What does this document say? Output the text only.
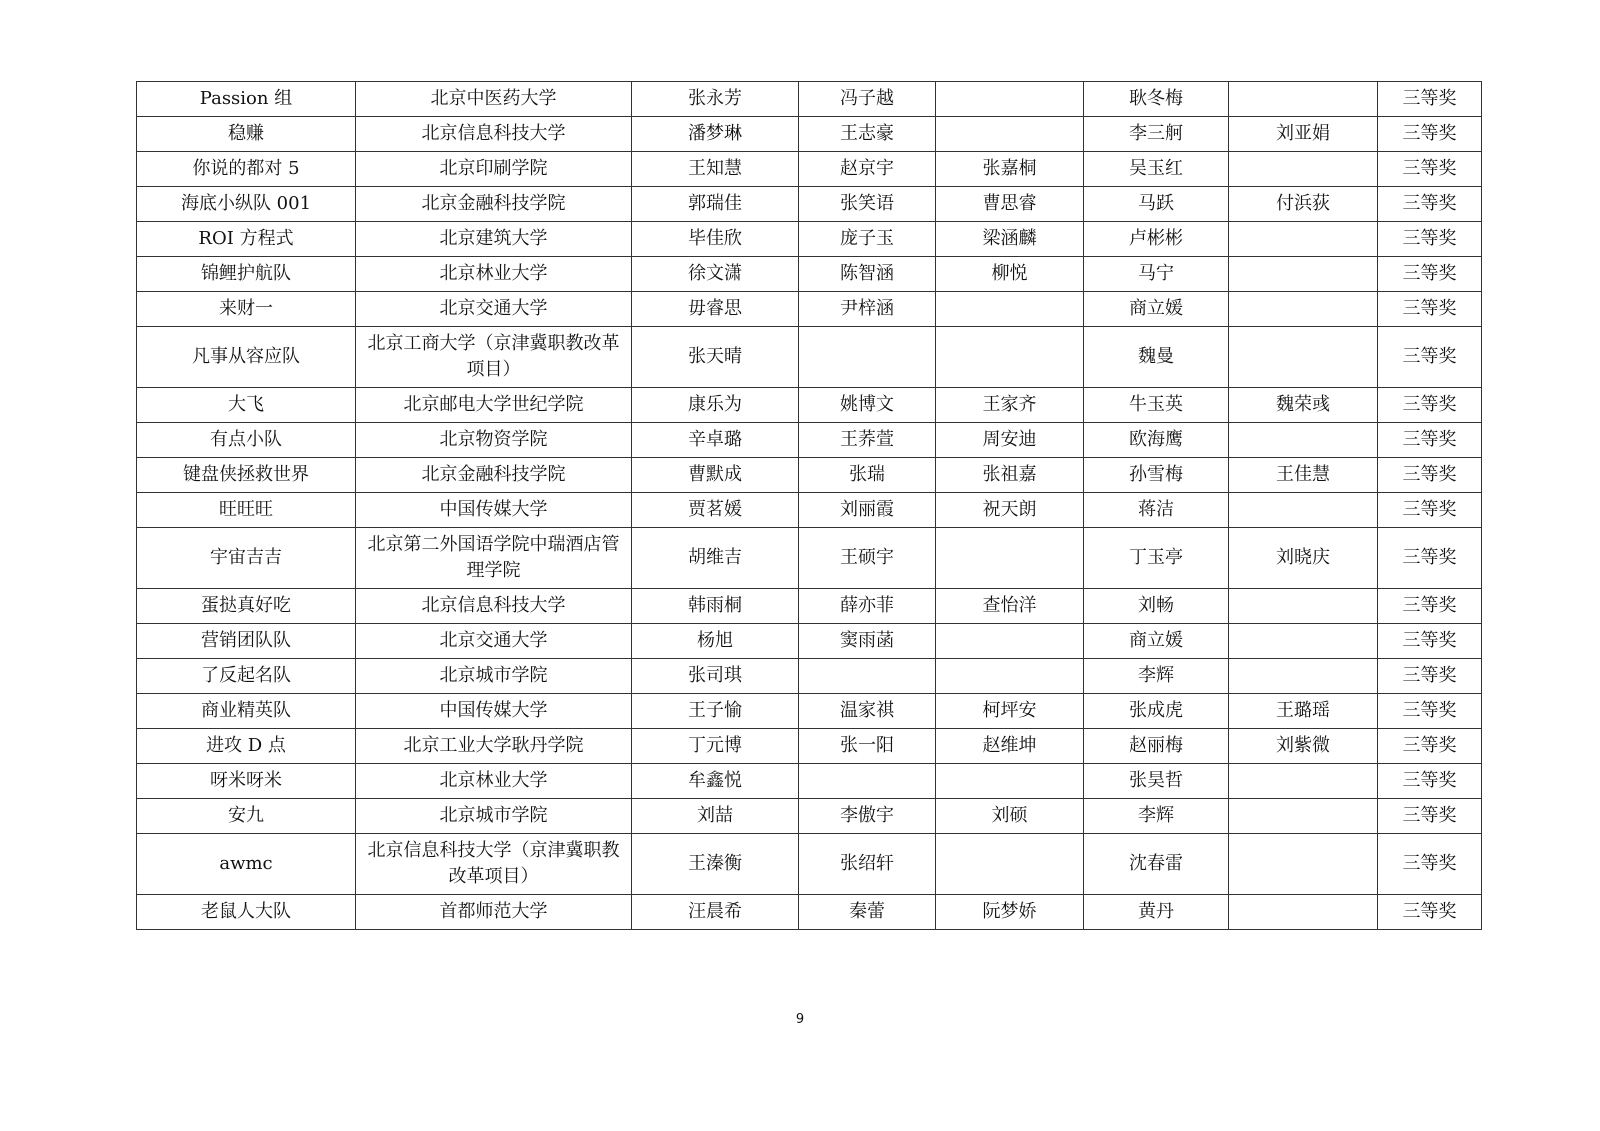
Passion 组	北京中医药大学	张永芳	冯子越		耿冬梅		三等奖
稳赚	北京信息科技大学	潘梦琳	王志豪		李三舸	刘亚娟	三等奖
你说的都对 5	北京印刷学院	王知慧	赵京宇	张嘉桐	吴玉红		三等奖
海底小纵队 001	北京金融科技学院	郭瑞佳	张笑语	曹思睿	马跃	付浜荻	三等奖
ROI 方程式	北京建筑大学	毕佳欣	庞子玉	梁涵麟	卢彬彬		三等奖
锦鲤护航队	北京林业大学	徐文潇	陈智涵	柳悦	马宁		三等奖
来财一	北京交通大学	毋睿思	尹梓涵		商立媛		三等奖
凡事从容应队	北京工商大学（京津冀职教改革项目）	张天晴			魏曼		三等奖
大飞	北京邮电大学世纪学院	康乐为	姚博文	王家齐	牛玉英	魏荣彧	三等奖
有点小队	北京物资学院	辛卓璐	王荞萱	周安迪	欧海鹰		三等奖
键盘侠拯救世界	北京金融科技学院	曹默成	张瑞	张祖嘉	孙雪梅	王佳慧	三等奖
旺旺旺	中国传媒大学	贾茗媛	刘丽霞	祝天朗	蒋洁		三等奖
宇宙吉吉	北京第二外国语学院中瑞酒店管理学院	胡维吉	王硕宇		丁玉亭	刘晓庆	三等奖
蛋挞真好吃	北京信息科技大学	韩雨桐	薛亦菲	查怡洋	刘畅		三等奖
营销团队队	北京交通大学	杨旭	窦雨菡		商立媛		三等奖
了反起名队	北京城市学院	张司琪			李辉		三等奖
商业精英队	中国传媒大学	王子愉	温家祺	柯坪安	张成虎	王璐瑶	三等奖
进攻 D 点	北京工业大学耿丹学院	丁元博	张一阳	赵维坤	赵丽梅	刘紫微	三等奖
呀米呀米	北京林业大学	牟鑫悦			张昊哲		三等奖
安九	北京城市学院	刘喆	李傲宇	刘硕	李辉		三等奖
awmc	北京信息科技大学（京津冀职教改革项目）	王溱衡	张绍轩		沈春雷		三等奖
老鼠人大队	首都师范大学	汪晨希	秦蕾	阮梦娇	黄丹		三等奖
9
